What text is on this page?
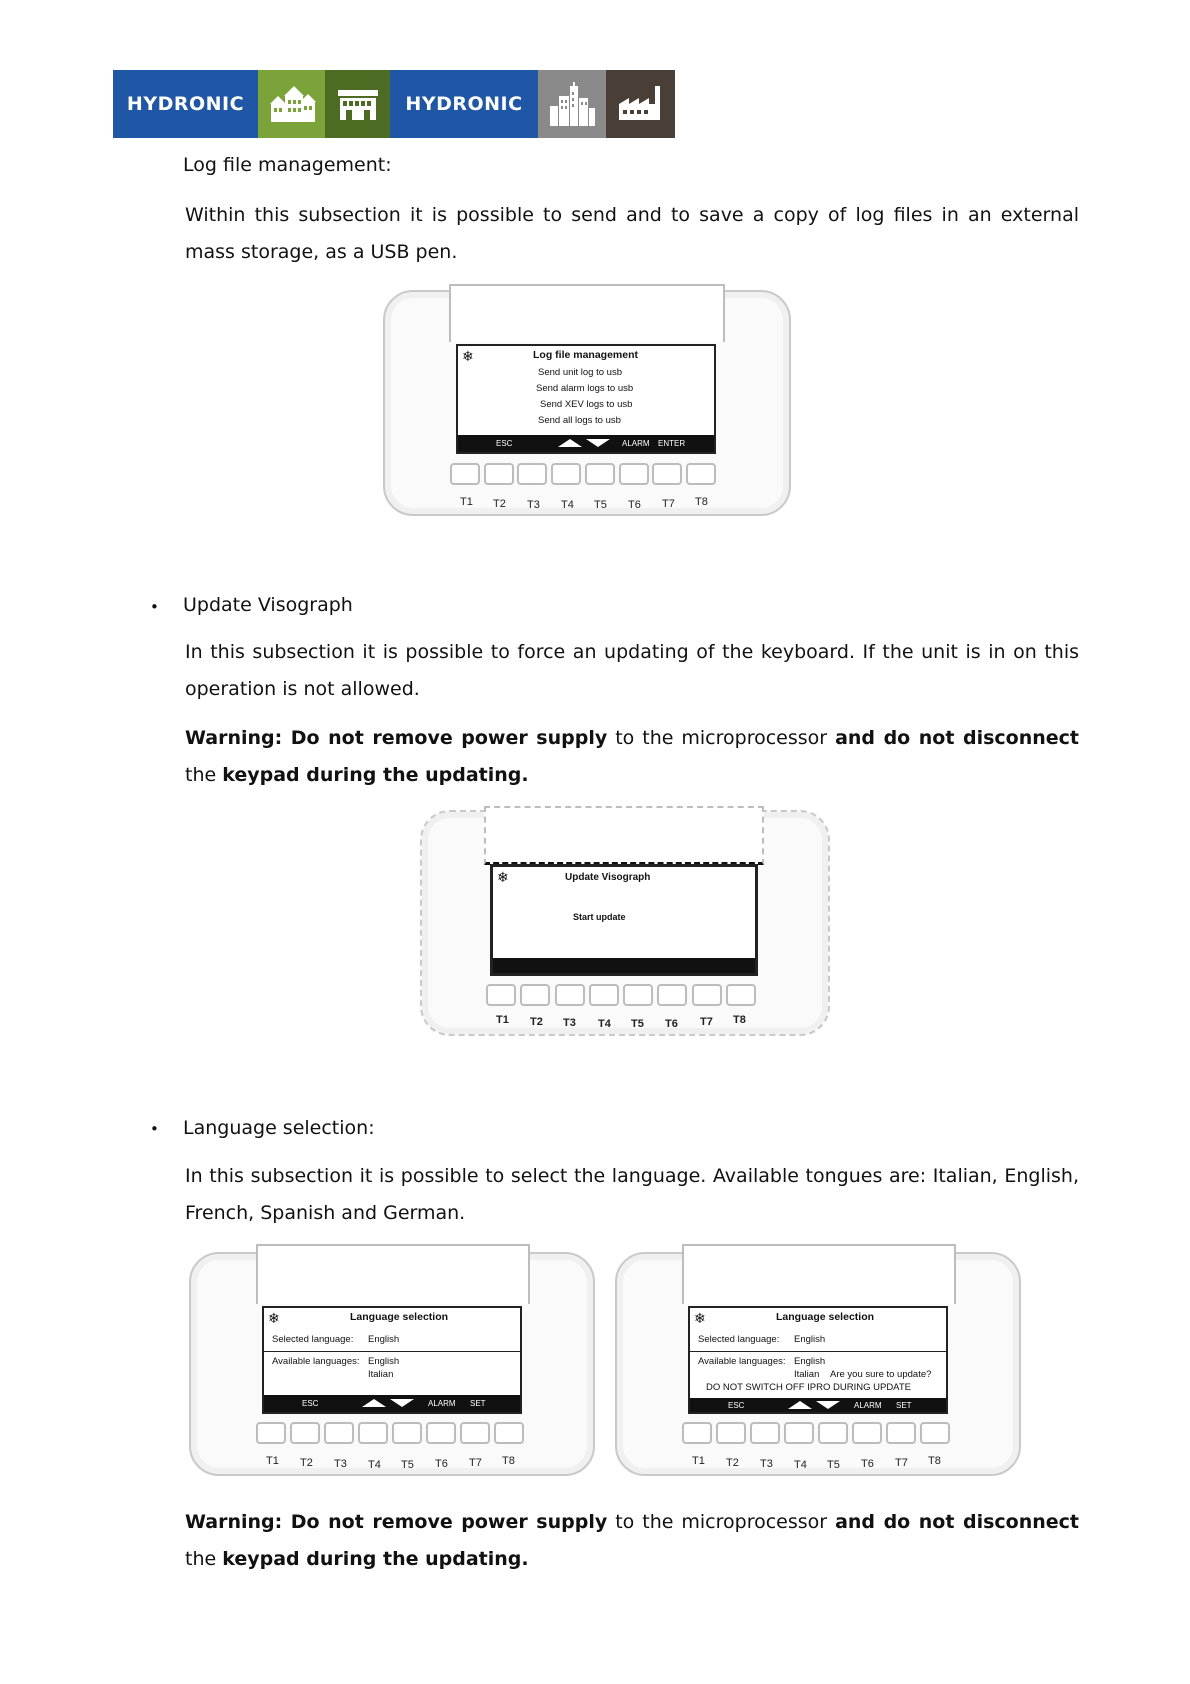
HYDRONIC	HYDRONIC
Log file management:
Within this subsection it is possible to send and to save a copy of log files in an external mass storage, as a USB pen.
❄	Log file management
Send unit log to usb
Send alarm logs to usb
Send XEV logs to usb
Send all logs to usb
ESC	ALARM ENTER
T1 T2 T3 T4 T5 T6 T7 T8
• Update Visograph
In this subsection it is possible to force an updating of the keyboard. If the unit is in on this operation is not allowed.
Warning: Do not remove power supply to the microprocessor and do not disconnect the keypad during the updating.
❄	Update Visograph
Start update
T1 T2 T3 T4 T5 T6 T7 T8
• Language selection:
In this subsection it is possible to select the language. Available tongues are: Italian, English, French, Spanish and German.
❄	Language selection
Selected language: English
Available languages: English
Italian
ESC	ALARM SET
T1 T2 T3 T4 T5 T6 T7 T8
❄	Language selection
Selected language: English
Available languages: English
Italian Are you sure to update?
DO NOT SWITCH OFF IPRO DURING UPDATE
ESC	ALARM SET
T1 T2 T3 T4 T5 T6 T7 T8
Warning: Do not remove power supply to the microprocessor and do not disconnect the keypad during the updating.
